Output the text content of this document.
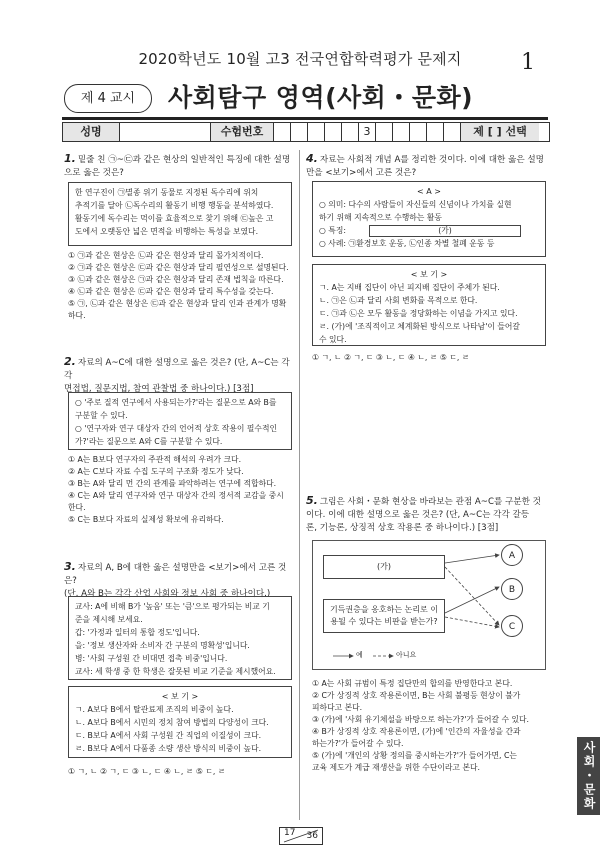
2020학년도 10월 고3 전국연합학력평가 문제지	1
제 4 교시	사회탐구 영역(사회・문화)
성명	수험번호	3	제 [ ] 선택
1. 밑줄 친 ㉠~㉢과 같은 현상의 일반적인 특징에 대한 설명으로 옳은 것은?
한 연구진이 ㉠멸종 위기 동물로 지정된 독수리에 위치
추적기를 달아 ㉡독수리의 활동기 비행 행동을 분석하였다.
활동기에 독수리는 먹이를 효율적으로 찾기 위해 ㉢높은 고
도에서 오랫동안 넓은 면적을 비행하는 특성을 보였다.
① ㉠과 같은 현상은 ㉡과 같은 현상과 달리 몰가치적이다.
② ㉠과 같은 현상은 ㉢과 같은 현상과 달리 필연성으로 설명된다.
③ ㉡과 같은 현상은 ㉠과 같은 현상과 달리 존재 법칙을 따른다.
④ ㉡과 같은 현상은 ㉢과 같은 현상과 달리 특수성을 갖는다.
⑤ ㉠, ㉡과 같은 현상은 ㉢과 같은 현상과 달리 인과 관계가 명확
하다.
2. 자료의 A~C에 대한 설명으로 옳은 것은? (단, A~C는 각각
면접법, 질문지법, 참여 관찰법 중 하나이다.) [3점]
○ '주로 질적 연구에서 사용되는가?'라는 질문으로 A와 B를
구분할 수 있다.
○ '연구자와 연구 대상자 간의 언어적 상호 작용이 필수적인
가?'라는 질문으로 A와 C를 구분할 수 있다.
① A는 B보다 연구자의 주관적 해석의 우려가 크다.
② A는 C보다 자료 수집 도구의 구조화 정도가 낮다.
③ B는 A와 달리 먼 간의 관계를 파악하려는 연구에 적합하다.
④ C는 A와 달리 연구자와 연구 대상자 간의 정서적 교감을 중시
한다.
⑤ C는 B보다 자료의 실제성 확보에 유리하다.
3. 자료의 A, B에 대한 옳은 설명만을 <보기>에서 고른 것은?
(단, A와 B는 각각 산업 사회와 정보 사회 중 하나이다.)
교사: A에 비해 B가 '높음' 또는 '큼'으로 평가되는 비교 기
준을 제시해 보세요.
갑: '가정과 일터의 통합 정도'입니다.
을: '정보 생산자와 소비자 간 구분의 명확성'입니다.
병: '사회 구성원 간 비대면 접촉 비중'입니다.
교사: 세 학생 중 한 학생은 잘못된 비교 기준을 제시했어요.
< 보 기 >
ㄱ. A보다 B에서 탈관료제 조직의 비중이 높다.
ㄴ. A보다 B에서 시민의 정치 참여 방법의 다양성이 크다.
ㄷ. B보다 A에서 사회 구성원 간 직업의 이질성이 크다.
ㄹ. B보다 A에서 다품종 소량 생산 방식의 비중이 높다.
① ㄱ, ㄴ ② ㄱ, ㄷ ③ ㄴ, ㄷ ④ ㄴ, ㄹ ⑤ ㄷ, ㄹ
4. 자료는 사회적 개념 A를 정리한 것이다. 이에 대한 옳은 설명만을 <보기>에서 고른 것은?
< A >
○ 의미: 다수의 사람들이 자신들의 신념이나 가치를 실현
하기 위해 지속적으로 수행하는 활동
○ 특징:	(가)
○ 사례: ㉠환경보호 운동, ㉡인종 차별 철폐 운동 등
< 보 기 >
ㄱ. A는 지배 집단이 아닌 피지배 집단이 주체가 된다.
ㄴ. ㉠은 ㉡과 달리 사회 변화를 목적으로 한다.
ㄷ. ㉠과 ㉡은 모두 활동을 정당화하는 이념을 가지고 있다.
ㄹ. (가)에 '조직적이고 체계화된 방식으로 나타남'이 들어갈
수 있다.
① ㄱ, ㄴ ② ㄱ, ㄷ ③ ㄴ, ㄷ ④ ㄴ, ㄹ ⑤ ㄷ, ㄹ
5. 그림은 사회・문화 현상을 바라보는 관점 A~C를 구분한 것
이다. 이에 대한 설명으로 옳은 것은? (단, A~C는 각각 갈등
론, 기능론, 상징적 상호 작용론 중 하나이다.) [3점]
(가)
기득권층을 옹호하는 논리로 이용될 수 있다는 비판을 받는가?
A
B
C
예	아니요
① A는 사회 규범이 특정 집단만의 합의를 반영한다고 본다.
② C가 상징적 상호 작용론이면, B는 사회 불평등 현상이 불가
피하다고 본다.
③ (가)에 '사회 유기체설을 바탕으로 하는가?'가 들어갈 수 있다.
④ B가 상징적 상호 작용론이면, (가)에 '인간의 자율성을 간과
하는가?'가 들어갈 수 있다.
⑤ (가)에 '개인의 상황 정의를 중시하는가?'가 들어가면, C는
교육 제도가 계급 재생산을 위한 수단이라고 본다.
17 36
사회・문화
